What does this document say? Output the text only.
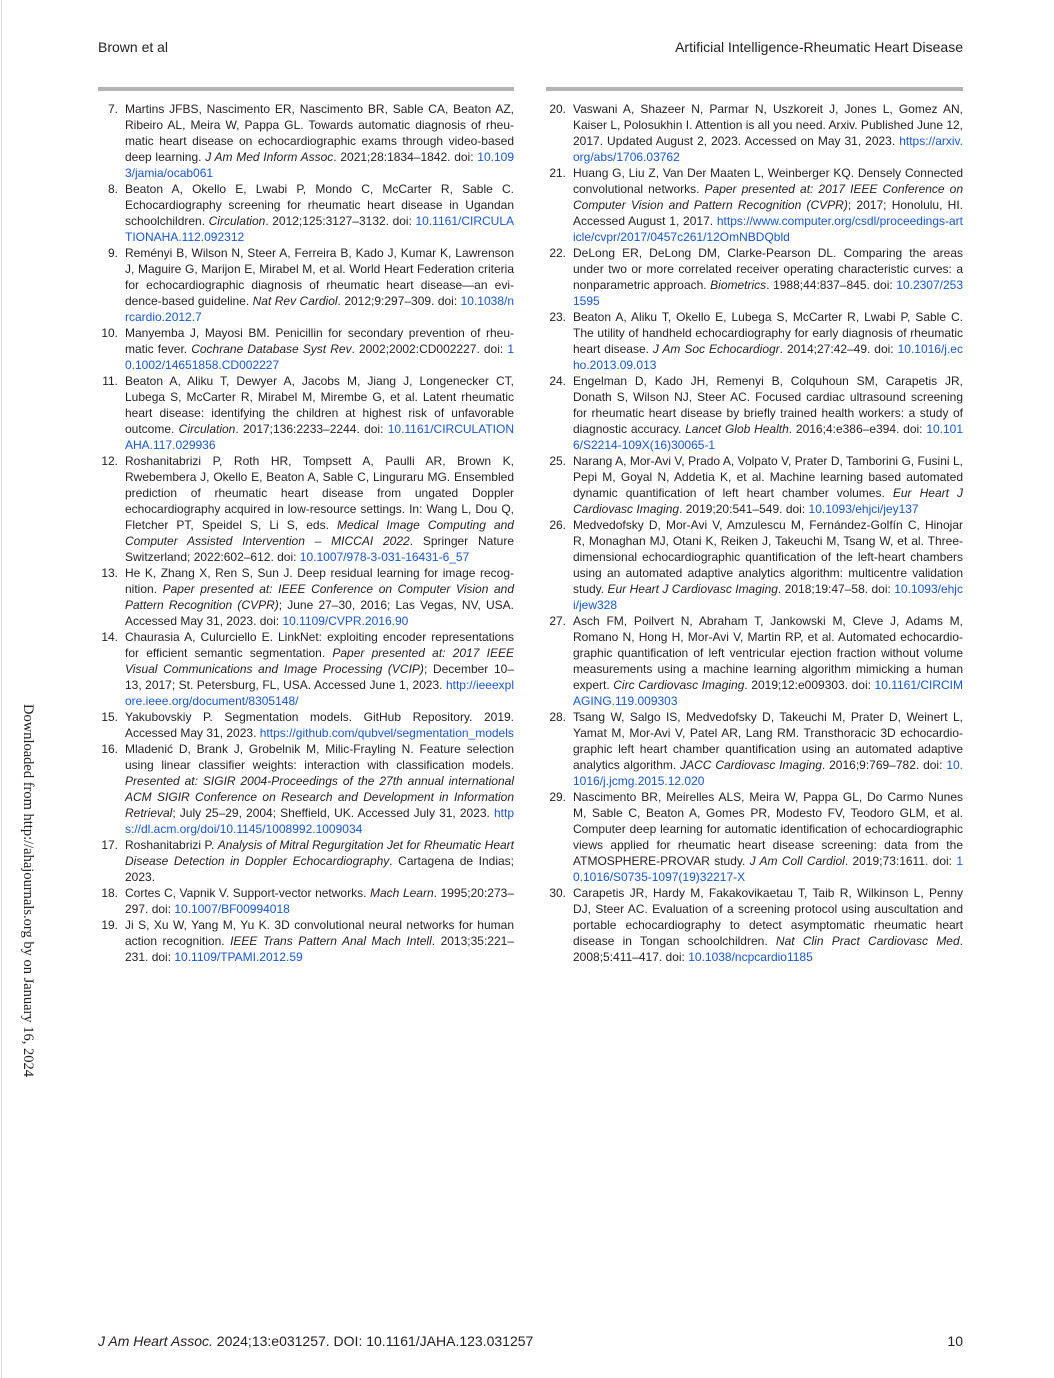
Brown et al	Artificial Intelligence-Rheumatic Heart Disease
7. Martins JFBS, Nascimento ER, Nascimento BR, Sable CA, Beaton AZ, Ribeiro AL, Meira W, Pappa GL. Towards automatic diagnosis of rheumatic heart disease on echocardiographic exams through video-based deep learning. J Am Med Inform Assoc. 2021;28:1834–1842. doi: 10.1093/jamia/ocab061
8. Beaton A, Okello E, Lwabi P, Mondo C, McCarter R, Sable C. Echocardiography screening for rheumatic heart disease in Ugandan schoolchildren. Circulation. 2012;125:3127–3132. doi: 10.1161/CIRCULATIONAHA.112.092312
9. Reményi B, Wilson N, Steer A, Ferreira B, Kado J, Kumar K, Lawrenson J, Maguire G, Marijon E, Mirabel M, et al. World Heart Federation criteria for echocardiographic diagnosis of rheumatic heart disease—an evidence-based guideline. Nat Rev Cardiol. 2012;9:297–309. doi: 10.1038/nrcardio.2012.7
10. Manyemba J, Mayosi BM. Penicillin for secondary prevention of rheumatic fever. Cochrane Database Syst Rev. 2002;2002:CD002227. doi: 10.1002/14651858.CD002227
11. Beaton A, Aliku T, Dewyer A, Jacobs M, Jiang J, Longenecker CT, Lubega S, McCarter R, Mirabel M, Mirembe G, et al. Latent rheumatic heart disease: identifying the children at highest risk of unfavorable outcome. Circulation. 2017;136:2233–2244. doi: 10.1161/CIRCULATIONAHA.117.029936
12. Roshanitabrizi P, Roth HR, Tompsett A, Paulli AR, Brown K, Rwebembera J, Okello E, Beaton A, Sable C, Linguraru MG. Ensembled prediction of rheumatic heart disease from ungated Doppler echocardiography acquired in low-resource settings. In: Wang L, Dou Q, Fletcher PT, Speidel S, Li S, eds. Medical Image Computing and Computer Assisted Intervention – MICCAI 2022. Springer Nature Switzerland; 2022:602–612. doi: 10.1007/978-3-031-16431-6_57
13. He K, Zhang X, Ren S, Sun J. Deep residual learning for image recognition. Paper presented at: IEEE Conference on Computer Vision and Pattern Recognition (CVPR); June 27–30, 2016; Las Vegas, NV, USA. Accessed May 31, 2023. doi: 10.1109/CVPR.2016.90
14. Chaurasia A, Culurciello E. LinkNet: exploiting encoder representations for efficient semantic segmentation. Paper presented at: 2017 IEEE Visual Communications and Image Processing (VCIP); December 10–13, 2017; St. Petersburg, FL, USA. Accessed June 1, 2023. http://ieeexplore.ieee.org/document/8305148/
15. Yakubovskiy P. Segmentation models. GitHub Repository. 2019. Accessed May 31, 2023. https://github.com/qubvel/segmentation_models
16. Mladenić D, Brank J, Grobelnik M, Milic-Frayling N. Feature selection using linear classifier weights: interaction with classification models. Presented at: SIGIR 2004-Proceedings of the 27th annual international ACM SIGIR Conference on Research and Development in Information Retrieval; July 25–29, 2004; Sheffield, UK. Accessed July 31, 2023. https://dl.acm.org/doi/10.1145/1008992.1009034
17. Roshanitabrizi P. Analysis of Mitral Regurgitation Jet for Rheumatic Heart Disease Detection in Doppler Echocardiography. Cartagena de Indias; 2023.
18. Cortes C, Vapnik V. Support-vector networks. Mach Learn. 1995;20:273–297. doi: 10.1007/BF00994018
19. Ji S, Xu W, Yang M, Yu K. 3D convolutional neural networks for human action recognition. IEEE Trans Pattern Anal Mach Intell. 2013;35:221–231. doi: 10.1109/TPAMI.2012.59
20. Vaswani A, Shazeer N, Parmar N, Uszkoreit J, Jones L, Gomez AN, Kaiser L, Polosukhin I. Attention is all you need. Arxiv. Published June 12, 2017. Updated August 2, 2023. Accessed on May 31, 2023. https://arxiv.org/abs/1706.03762
21. Huang G, Liu Z, Van Der Maaten L, Weinberger KQ. Densely Connected convolutional networks. Paper presented at: 2017 IEEE Conference on Computer Vision and Pattern Recognition (CVPR); 2017; Honolulu, HI. Accessed August 1, 2017. https://www.computer.org/csdl/proceedings-article/cvpr/2017/0457c261/12OmNBDQbld
22. DeLong ER, DeLong DM, Clarke-Pearson DL. Comparing the areas under two or more correlated receiver operating characteristic curves: a nonparametric approach. Biometrics. 1988;44:837–845. doi: 10.2307/2531595
23. Beaton A, Aliku T, Okello E, Lubega S, McCarter R, Lwabi P, Sable C. The utility of handheld echocardiography for early diagnosis of rheumatic heart disease. J Am Soc Echocardiogr. 2014;27:42–49. doi: 10.1016/j.echo.2013.09.013
24. Engelman D, Kado JH, Remenyi B, Colquhoun SM, Carapetis JR, Donath S, Wilson NJ, Steer AC. Focused cardiac ultrasound screening for rheumatic heart disease by briefly trained health workers: a study of diagnostic accuracy. Lancet Glob Health. 2016;4:e386–e394. doi: 10.1016/S2214-109X(16)30065-1
25. Narang A, Mor-Avi V, Prado A, Volpato V, Prater D, Tamborini G, Fusini L, Pepi M, Goyal N, Addetia K, et al. Machine learning based automated dynamic quantification of left heart chamber volumes. Eur Heart J Cardiovasc Imaging. 2019;20:541–549. doi: 10.1093/ehjci/jey137
26. Medvedofsky D, Mor-Avi V, Amzulescu M, Fernández-Golfín C, Hinojar R, Monaghan MJ, Otani K, Reiken J, Takeuchi M, Tsang W, et al. Three-dimensional echocardiographic quantification of the left-heart chambers using an automated adaptive analytics algorithm: multicentre validation study. Eur Heart J Cardiovasc Imaging. 2018;19:47–58. doi: 10.1093/ehjci/jew328
27. Asch FM, Poilvert N, Abraham T, Jankowski M, Cleve J, Adams M, Romano N, Hong H, Mor-Avi V, Martin RP, et al. Automated echocardiographic quantification of left ventricular ejection fraction without volume measurements using a machine learning algorithm mimicking a human expert. Circ Cardiovasc Imaging. 2019;12:e009303. doi: 10.1161/CIRCIMAGING.119.009303
28. Tsang W, Salgo IS, Medvedofsky D, Takeuchi M, Prater D, Weinert L, Yamat M, Mor-Avi V, Patel AR, Lang RM. Transthoracic 3D echocardiographic left heart chamber quantification using an automated adaptive analytics algorithm. JACC Cardiovasc Imaging. 2016;9:769–782. doi: 10.1016/j.jcmg.2015.12.020
29. Nascimento BR, Meirelles ALS, Meira W, Pappa GL, Do Carmo Nunes M, Sable C, Beaton A, Gomes PR, Modesto FV, Teodoro GLM, et al. Computer deep learning for automatic identification of echocardiographic views applied for rheumatic heart disease screening: data from the ATMOSPHERE-PROVAR study. J Am Coll Cardiol. 2019;73:1611. doi: 10.1016/S0735-1097(19)32217-X
30. Carapetis JR, Hardy M, Fakakovikaetau T, Taib R, Wilkinson L, Penny DJ, Steer AC. Evaluation of a screening protocol using auscultation and portable echocardiography to detect asymptomatic rheumatic heart disease in Tongan schoolchildren. Nat Clin Pract Cardiovasc Med. 2008;5:411–417. doi: 10.1038/ncpcardio1185
Downloaded from http://ahajournals.org by on January 16, 2024
J Am Heart Assoc. 2024;13:e031257. DOI: 10.1161/JAHA.123.031257	10
